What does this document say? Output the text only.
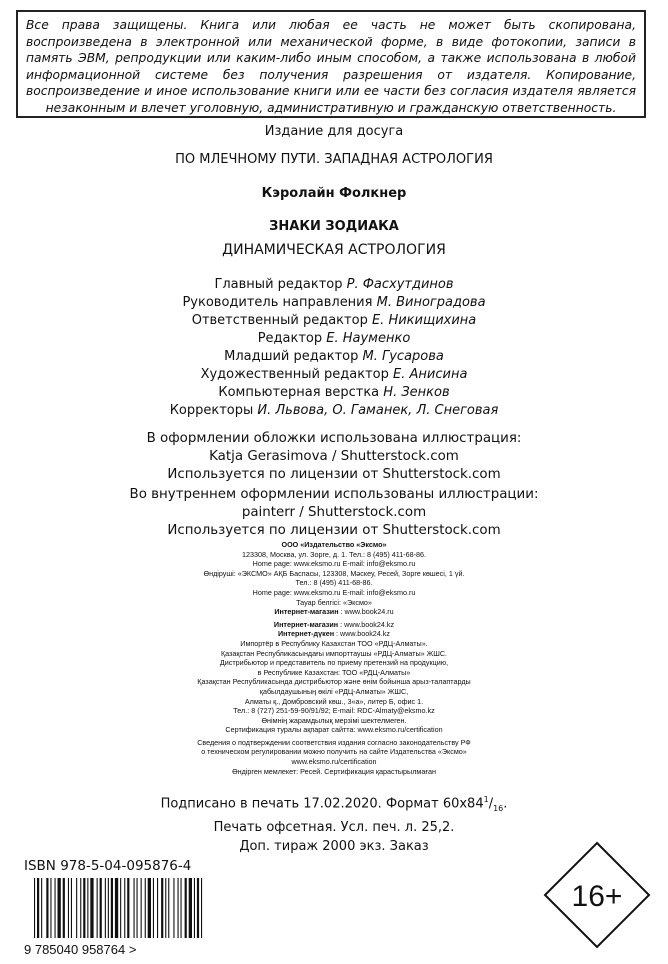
Все права защищены. Книга или любая ее часть не может быть скопирована, воспроизведена в электронной или механической форме, в виде фотокопии, записи в память ЭВМ, репродукции или каким-либо иным способом, а также использована в любой информационной системе без получения разрешения от издателя. Копирование, воспроизведение и иное использование книги или ее части без согласия издателя является незаконным и влечет уголовную, административную и гражданскую ответственность.

Издание для досуга
ПО МЛЕЧНОМУ ПУТИ. ЗАПАДНАЯ АСТРОЛОГИЯ
Кэролайн Фолкнер
ЗНАКИ ЗОДИАКА
ДИНАМИЧЕСКАЯ АСТРОЛОГИЯ
Главный редактор Р. Фасхутдинов
Руководитель направления М. Виноградова
Ответственный редактор Е. Никищихина
Редактор Е. Науменко
Младший редактор М. Гусарова
Художественный редактор Е. Анисина
Компьютерная верстка Н. Зенков
Корректоры И. Львова, О. Гаманек, Л. Снеговая
В оформлении обложки использована иллюстрация:
Katja Gerasimova / Shutterstock.com
Используется по лицензии от Shutterstock.com
Во внутреннем оформлении использованы иллюстрации:
painterr / Shutterstock.com
Используется по лицензии от Shutterstock.com
ООО «Издательство «Эксмо»
123308, Москва, ул. Зорге, д. 1. Тел.: 8 (495) 411-68-86.
Home page: www.eksmo.ru E-mail: info@eksmo.ru
Өндіруші: «ЭКСМО» АҚБ Баспасы, 123308, Мәскеу, Ресей, Зорге көшесі, 1 үй.
Тел.: 8 (495) 411-68-86.
Home page: www.eksmo.ru E-mail: info@eksmo.ru
Тауар белгісі: «Эксмо»
Интернет-магазин : www.book24.ru
Интернет-магазин : www.book24.kz
Интернет-дүкен : www.book24.kz
Импортёр в Республику Казахстан ТОО «РДЦ-Алматы».
Қазақстан Республикасындағы импорттаушы «РДЦ-Алматы» ЖШС.
Дистрибьютор и представитель по приему претензий на продукцию,
в Республике Казахстан: ТОО «РДЦ-Алматы»
Қазақстан Республикасында дистрибьютор және өнім бойынша арыз-талаптарды
қабылдаушының өкілі «РДЦ-Алматы» ЖШС,
Алматы қ., Домбровский көш., 3«а», литер Б, офис 1.
Тел.: 8 (727) 251-59-90/91/92; E-mail: RDC-Almaty@eksmo.kz
Өнімнің жарамдылық мерзімі шектелмеген.
Сертификация туралы ақпарат сайтта: www.eksmo.ru/certification
Сведения о подтверждении соответствия издания согласно законодательству РФ
о техническом регулировании можно получить на сайте Издательства «Эксмо»
www.eksmo.ru/certification
Өндірген мемлекет: Ресей. Сертификация қарастырылмаған
Подписано в печать 17.02.2020. Формат $60x84^1/_{16}$.
Печать офсетная. Усл. печ. л. 25,2.
Доп. тираж 2000 экз. Заказ
ISBN 978-5-04-095876-4
9 785040 958764 >
16+
